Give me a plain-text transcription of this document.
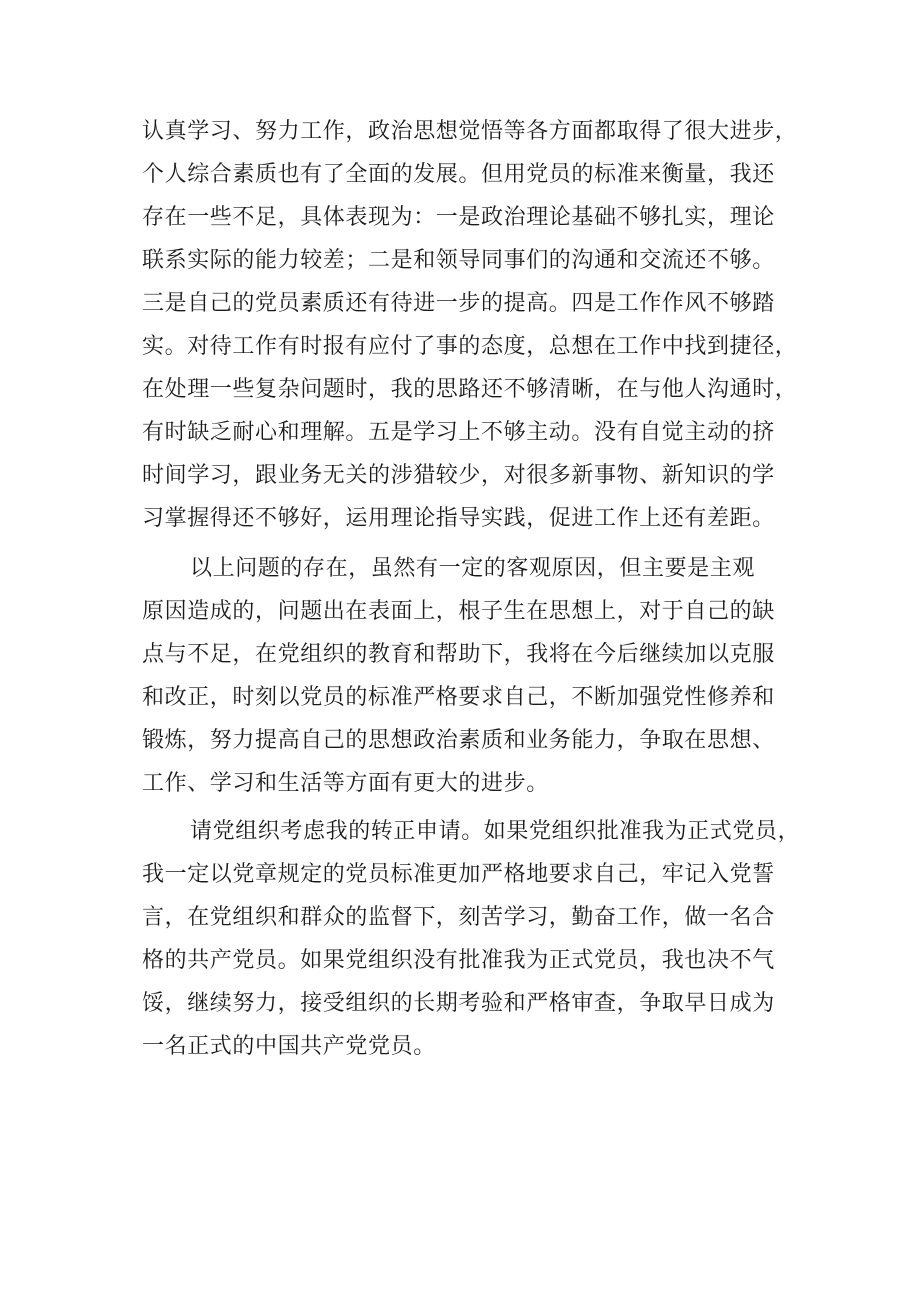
认真学习、努力工作，政治思想觉悟等各方面都取得了很大进步，
个人综合素质也有了全面的发展。但用党员的标准来衡量，我还
存在一些不足，具体表现为：一是政治理论基础不够扎实，理论
联系实际的能力较差；二是和领导同事们的沟通和交流还不够。
三是自己的党员素质还有待进一步的提高。四是工作作风不够踏
实。对待工作有时报有应付了事的态度，总想在工作中找到捷径，
在处理一些复杂问题时，我的思路还不够清晰，在与他人沟通时，
有时缺乏耐心和理解。五是学习上不够主动。没有自觉主动的挤
时间学习，跟业务无关的涉猎较少，对很多新事物、新知识的学
习掌握得还不够好，运用理论指导实践，促进工作上还有差距。
以上问题的存在，虽然有一定的客观原因，但主要是主观
原因造成的，问题出在表面上，根子生在思想上，对于自己的缺
点与不足，在党组织的教育和帮助下，我将在今后继续加以克服
和改正，时刻以党员的标准严格要求自己，不断加强党性修养和
锻炼，努力提高自己的思想政治素质和业务能力，争取在思想、
工作、学习和生活等方面有更大的进步。
请党组织考虑我的转正申请。如果党组织批准我为正式党员，
我一定以党章规定的党员标准更加严格地要求自己，牢记入党誓
言，在党组织和群众的监督下，刻苦学习，勤奋工作，做一名合
格的共产党员。如果党组织没有批准我为正式党员，我也决不气
馁，继续努力，接受组织的长期考验和严格审查，争取早日成为
一名正式的中国共产党党员。
